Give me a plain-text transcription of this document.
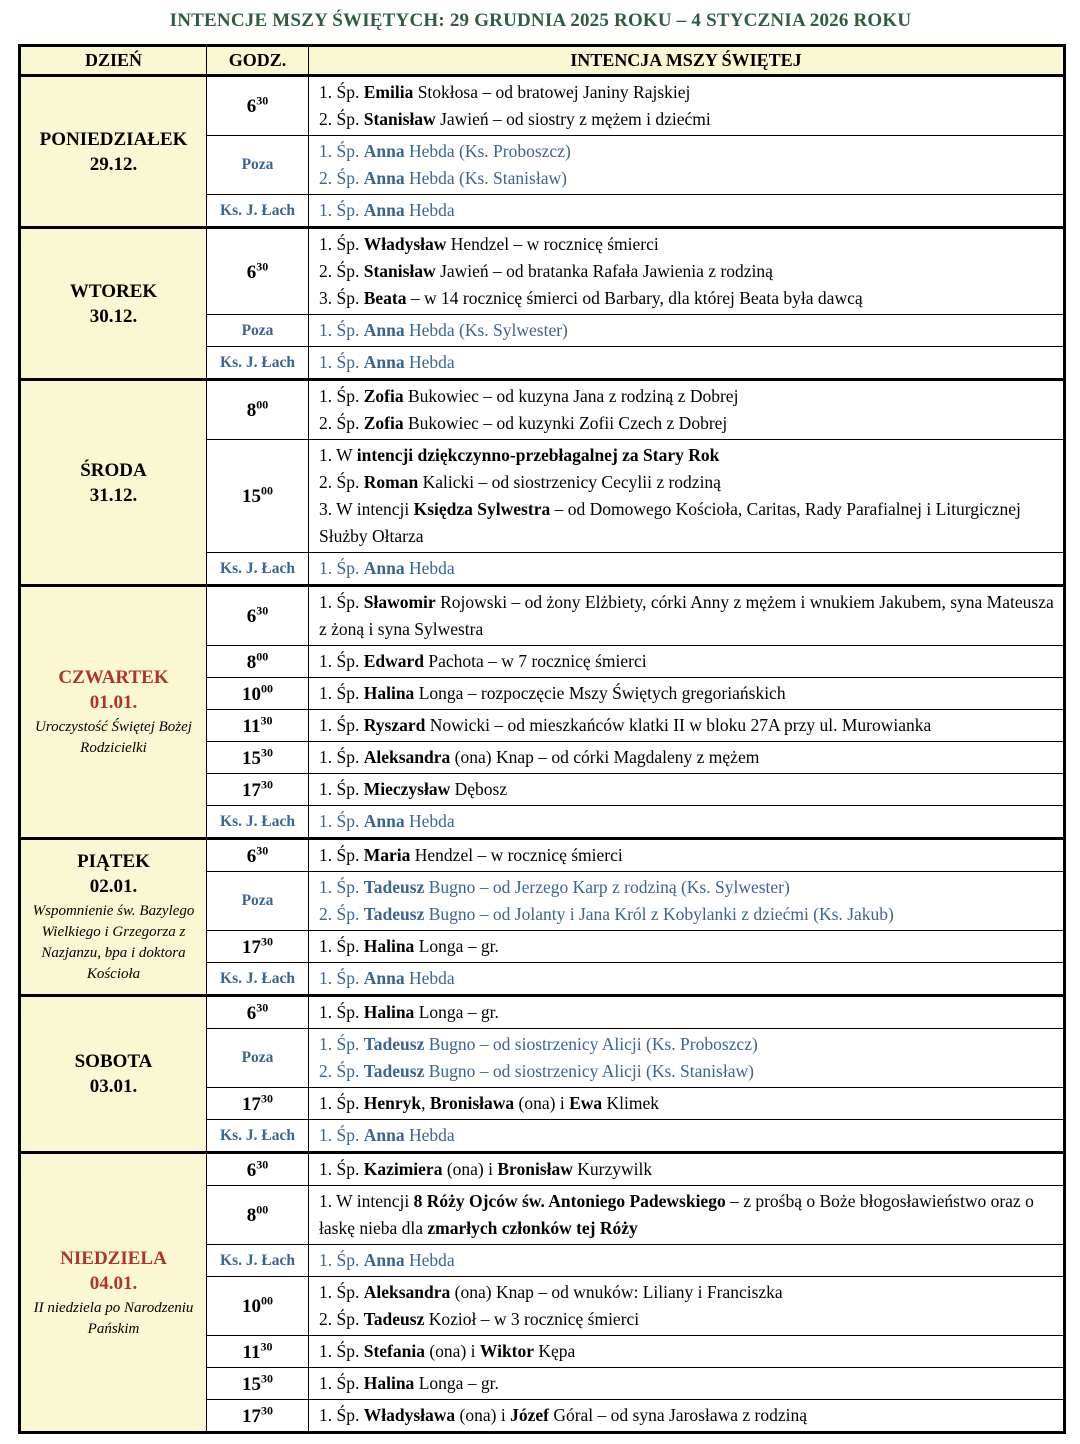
INTENCJE MSZY ŚWIĘTYCH: 29 GRUDNIA 2025 ROKU – 4 STYCZNIA 2026 ROKU
DZIEŃ	GODZ.	INTENCJA MSZY ŚWIĘTEJ

PONIEDZIAŁEK
29.12.
	$6^{30}$	1. Śp. Emilia Stokłosa – od bratowej Janiny Rajskiej
2. Śp. Stanisław Jawień – od siostry z mężem i dziećmi

	Poza	1. Śp. Anna Hebda (Ks. Proboszcz)
2. Śp. Anna Hebda (Ks. Stanisław)

	Ks. J. Łach	1. Śp. Anna Hebda

WTOREK
30.12.
	$6^{30}$	
1. Śp. Władysław Hendzel – w rocznicę śmierci
2. Śp. Stanisław Jawień – od bratanka Rafała Jawienia z rodziną
3. Śp. Beata – w 14 rocznicę śmierci od Barbary, dla której Beata była dawcą

	Poza	1. Śp. Anna Hebda (Ks. Sylwester)

	Ks. J. Łach	1. Śp. Anna Hebda

ŚRODA
31.12.
	$8^{00}$	1. Śp. Zofia Bukowiec – od kuzyna Jana z rodziną z Dobrej
2. Śp. Zofia Bukowiec – od kuzynki Zofii Czech z Dobrej

	$15^{00}$	1. W intencji dziękczynno-przebłagalnej za Stary Rok
2. Śp. Roman Kalicki – od siostrzenicy Cecylii z rodziną
3. W intencji Księdza Sylwestra – od Domowego Kościoła, Caritas, Rady Parafialnej i Liturgicznej Służby Ołtarza

	Ks. J. Łach	1. Śp. Anna Hebda

CZWARTEK
01.01.
Uroczystość Świętej Bożej Rodzicielki	$6^{30}$	1. Śp. Sławomir Rojowski – od żony Elżbiety, córki Anny z mężem i wnukiem Jakubem, syna Mateusza z żoną i syna Sylwestra

	$8^{00}$	1. Śp. Edward Pachota – w 7 rocznicę śmierci

	$10^{00}$	1. Śp. Halina Longa – rozpoczęcie Mszy Świętych gregoriańskich

	$11^{30}$	1. Śp. Ryszard Nowicki – od mieszkańców klatki II w bloku 27A przy ul. Murowianka

	$15^{30}$	1. Śp. Aleksandra (ona) Knap – od córki Magdaleny z mężem

	$17^{30}$	1. Śp. Mieczysław Dębosz

	Ks. J. Łach	1. Śp. Anna Hebda

PIĄTEK
02.01.
Wspomnienie św. Bazylego Wielkiego i Grzegorza z Nazjanzu, bpa i doktora Kościoła	$6^{30}$	1. Śp. Maria Hendzel – w rocznicę śmierci

	Poza	1. Śp. Tadeusz Bugno – od Jerzego Karp z rodziną (Ks. Sylwester)
2. Śp. Tadeusz Bugno – od Jolanty i Jana Król z Kobylanki z dziećmi (Ks. Jakub)

	$17^{30}$	1. Śp. Halina Longa – gr.

	Ks. J. Łach	1. Śp. Anna Hebda

SOBOTA
03.01.	$6^{30}$	1. Śp. Halina Longa – gr.

	Poza	1. Śp. Tadeusz Bugno – od siostrzenicy Alicji (Ks. Proboszcz)
2. Śp. Tadeusz Bugno – od siostrzenicy Alicji (Ks. Stanisław)

	$17^{30}$	1. Śp. Henryk, Bronisława (ona) i Ewa Klimek

	Ks. J. Łach	1. Śp. Anna Hebda

NIEDZIELA
04.01.
II niedziela po Narodzeniu Pańskim	$6^{30}$	1. Śp. Kazimiera (ona) i Bronisław Kurzywilk

	$8^{00}$	1. W intencji 8 Róży Ojców św. Antoniego Padewskiego – z prośbą o Boże błogosławieństwo oraz o łaskę nieba dla zmarłych członków tej Róży

	Ks. J. Łach	1. Śp. Anna Hebda

	$10^{00}$	1. Śp. Aleksandra (ona) Knap – od wnuków: Liliany i Franciszka
2. Śp. Tadeusz Kozioł – w 3 rocznicę śmierci

	$11^{30}$	1. Śp. Stefania (ona) i Wiktor Kępa

	$15^{30}$	1. Śp. Halina Longa – gr.

	$17^{30}$	1. Śp. Władysława (ona) i Józef Góral – od syna Jarosława z rodziną
